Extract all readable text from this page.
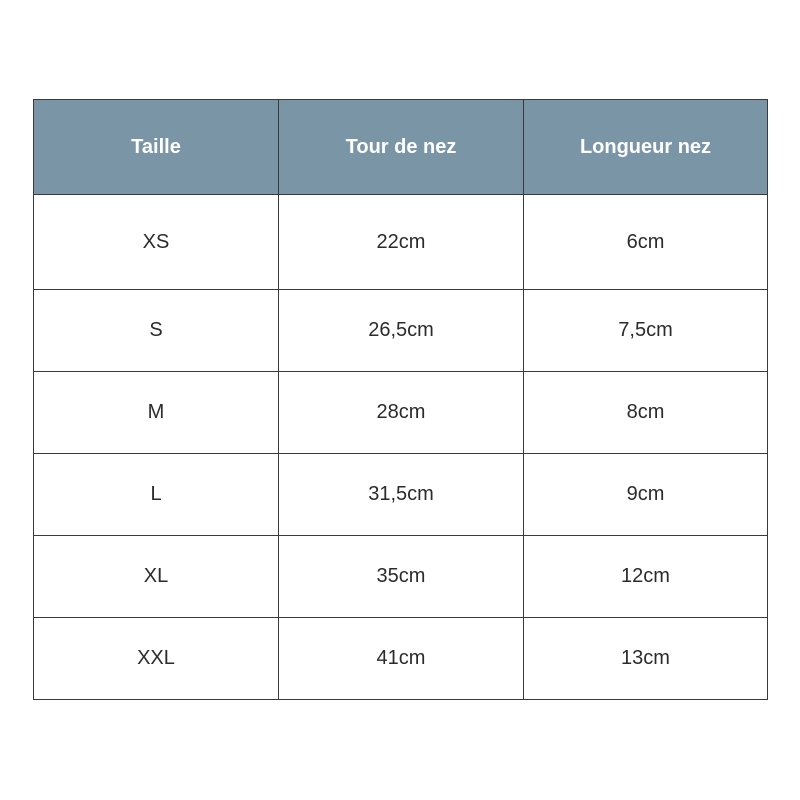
Taille	Tour de nez	Longueur nez
XS	22cm	6cm
S	26,5cm	7,5cm
M	28cm	8cm
L	31,5cm	9cm
XL	35cm	12cm
XXL	41cm	13cm
